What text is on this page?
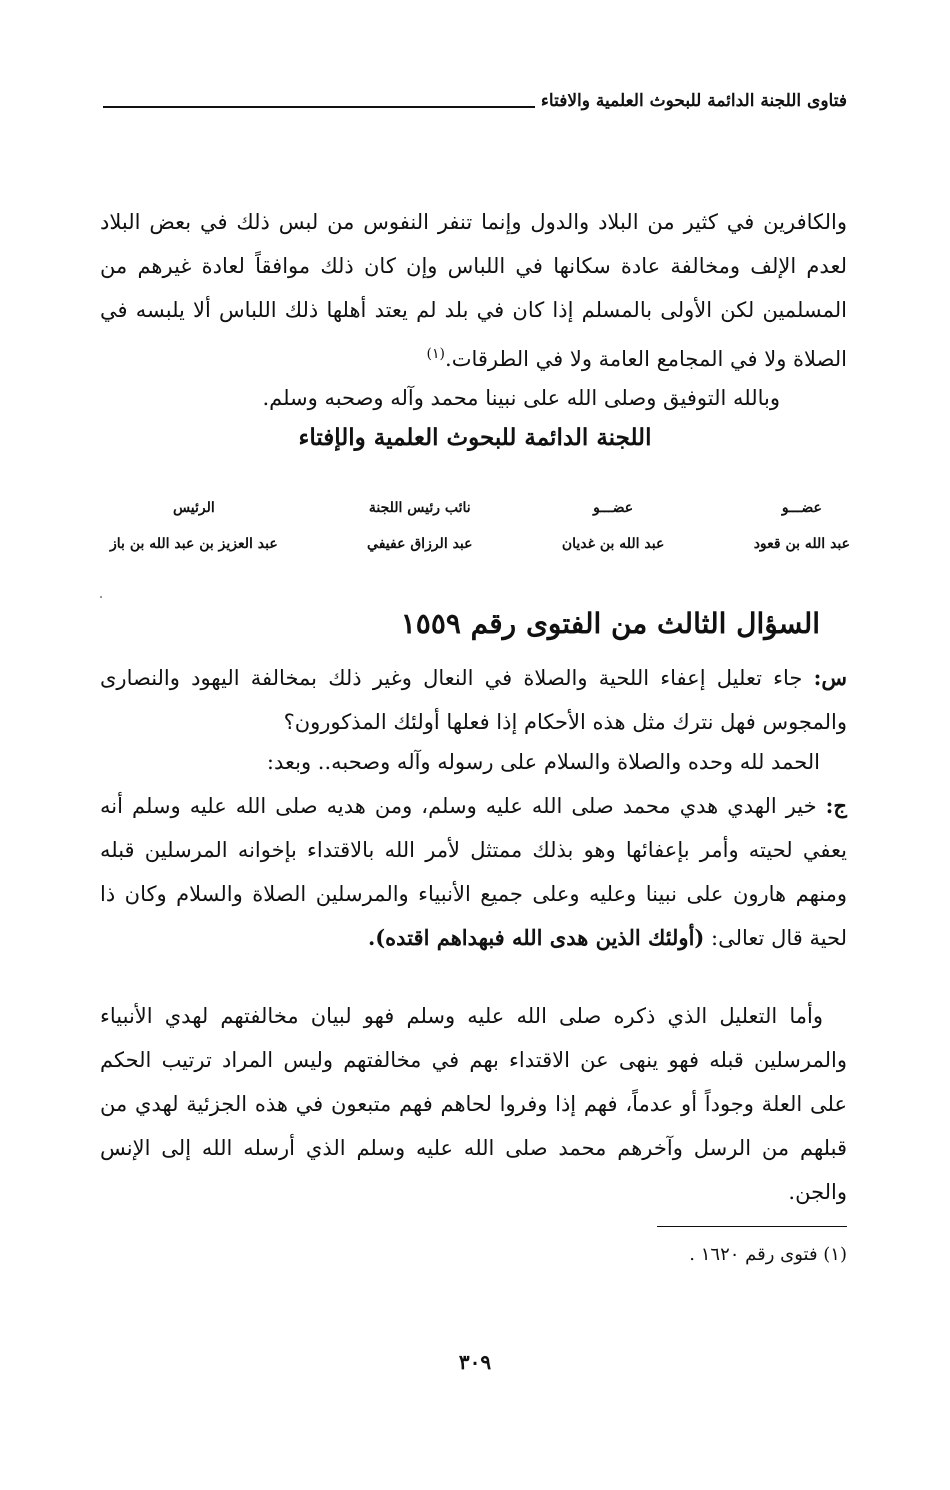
فتاوى اللجنة الدائمة للبحوث العلمية والافتاء
والكافرين في كثير من البلاد والدول وإنما تنفر النفوس من لبس ذلك في بعض البلاد لعدم الإلف ومخالفة عادة سكانها في اللباس وإن كان ذلك موافقاً لعادة غيرهم من المسلمين لكن الأولى بالمسلم إذا كان في بلد لم يعتد أهلها ذلك اللباس ألا يلبسه في الصلاة ولا في المجامع العامة ولا في الطرقات.$^{(١)}$
وبالله التوفيق وصلى الله على نبينا محمد وآله وصحبه وسلم.
اللجنة الدائمة للبحوث العلمية والإفتاء
عضـــو
عبد الله بن قعود
عضـــو
عبد الله بن غديان
نائب رئيس اللجنة
عبد الرزاق عفيفي
الرئيس
عبد العزيز بن عبد الله بن باز
السؤال الثالث من الفتوى رقم ١٥٥٩
س: جاء تعليل إعفاء اللحية والصلاة في النعال وغير ذلك بمخالفة اليهود والنصارى والمجوس فهل نترك مثل هذه الأحكام إذا فعلها أولئك المذكورون؟
الحمد لله وحده والصلاة والسلام على رسوله وآله وصحبه.. وبعد:
ج: خير الهدي هدي محمد صلى الله عليه وسلم، ومن هديه صلى الله عليه وسلم أنه يعفي لحيته وأمر بإعفائها وهو بذلك ممتثل لأمر الله بالاقتداء بإخوانه المرسلين قبله ومنهم هارون على نبينا وعليه وعلى جميع الأنبياء والمرسلين الصلاة والسلام وكان ذا لحية قال تعالى: (أولئك الذين هدى الله فبهداهم اقتده).
وأما التعليل الذي ذكره صلى الله عليه وسلم فهو لبيان مخالفتهم لهدي الأنبياء والمرسلين قبله فهو ينهى عن الاقتداء بهم في مخالفتهم وليس المراد ترتيب الحكم على العلة وجوداً أو عدماً، فهم إذا وفروا لحاهم فهم متبعون في هذه الجزئية لهدي من قبلهم من الرسل وآخرهم محمد صلى الله عليه وسلم الذي أرسله الله إلى الإنس والجن.
(١) فتوى رقم ١٦٢٠ .
٣٠٩
